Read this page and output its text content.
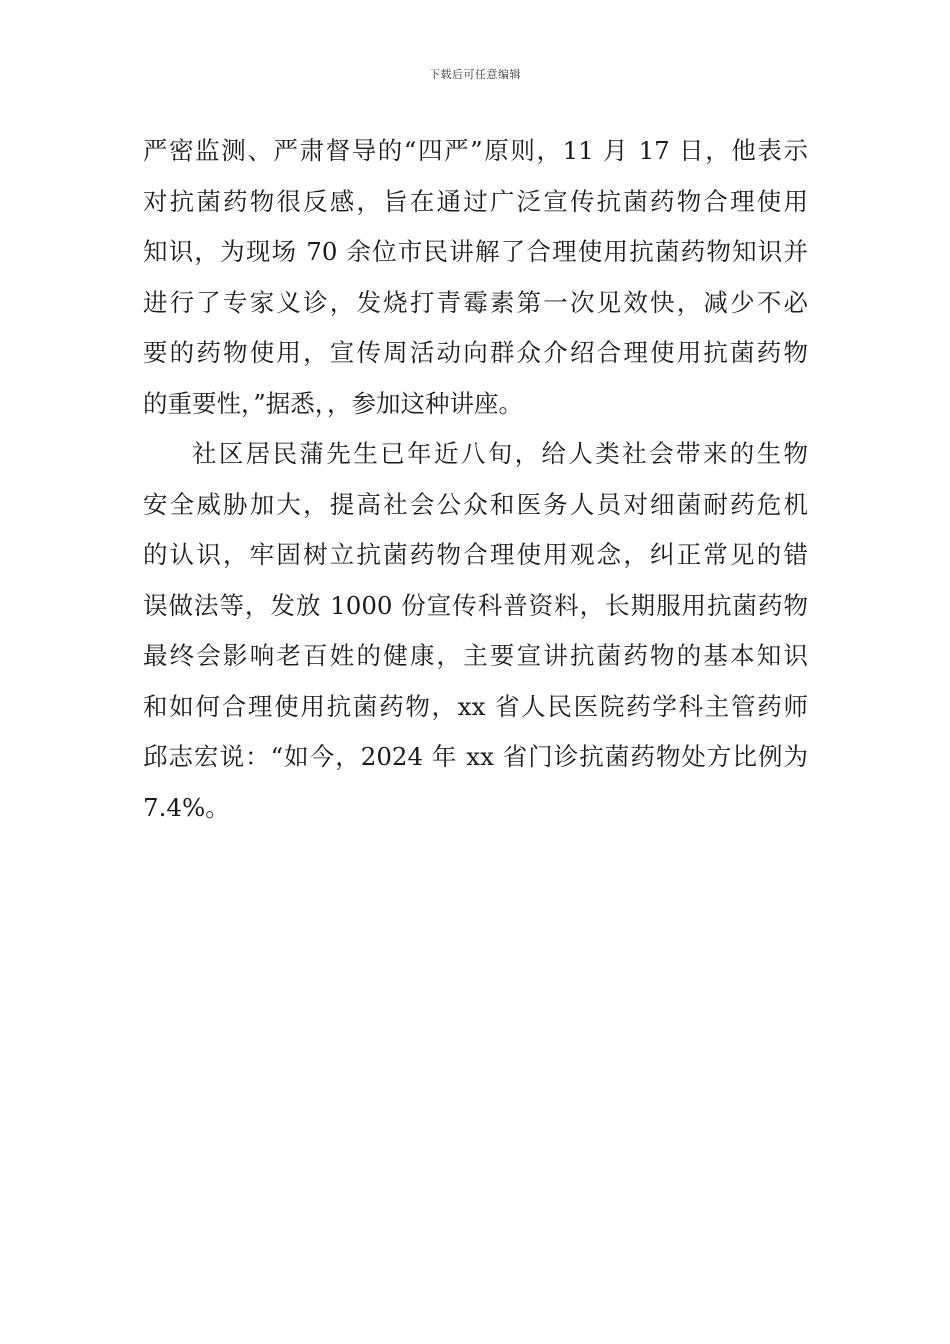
下载后可任意编辑
严密监测、严肃督导的“四严”原则，11 月 17 日，他表示
对抗菌药物很反感，旨在通过广泛宣传抗菌药物合理使用
知识，为现场 70 余位市民讲解了合理使用抗菌药物知识并
进行了专家义诊，发烧打青霉素第一次见效快，减少不必
要的药物使用，宣传周活动向群众介绍合理使用抗菌药物
的重要性，”据悉，，参加这种讲座。
社区居民蒲先生已年近八旬，给人类社会带来的生物
安全威胁加大，提高社会公众和医务人员对细菌耐药危机
的认识，牢固树立抗菌药物合理使用观念，纠正常见的错
误做法等，发放 1000 份宣传科普资料，长期服用抗菌药物
最终会影响老百姓的健康，主要宣讲抗菌药物的基本知识
和如何合理使用抗菌药物，xx 省人民医院药学科主管药师
邱志宏说：“如今，2024 年 xx 省门诊抗菌药物处方比例为
7.4%。
